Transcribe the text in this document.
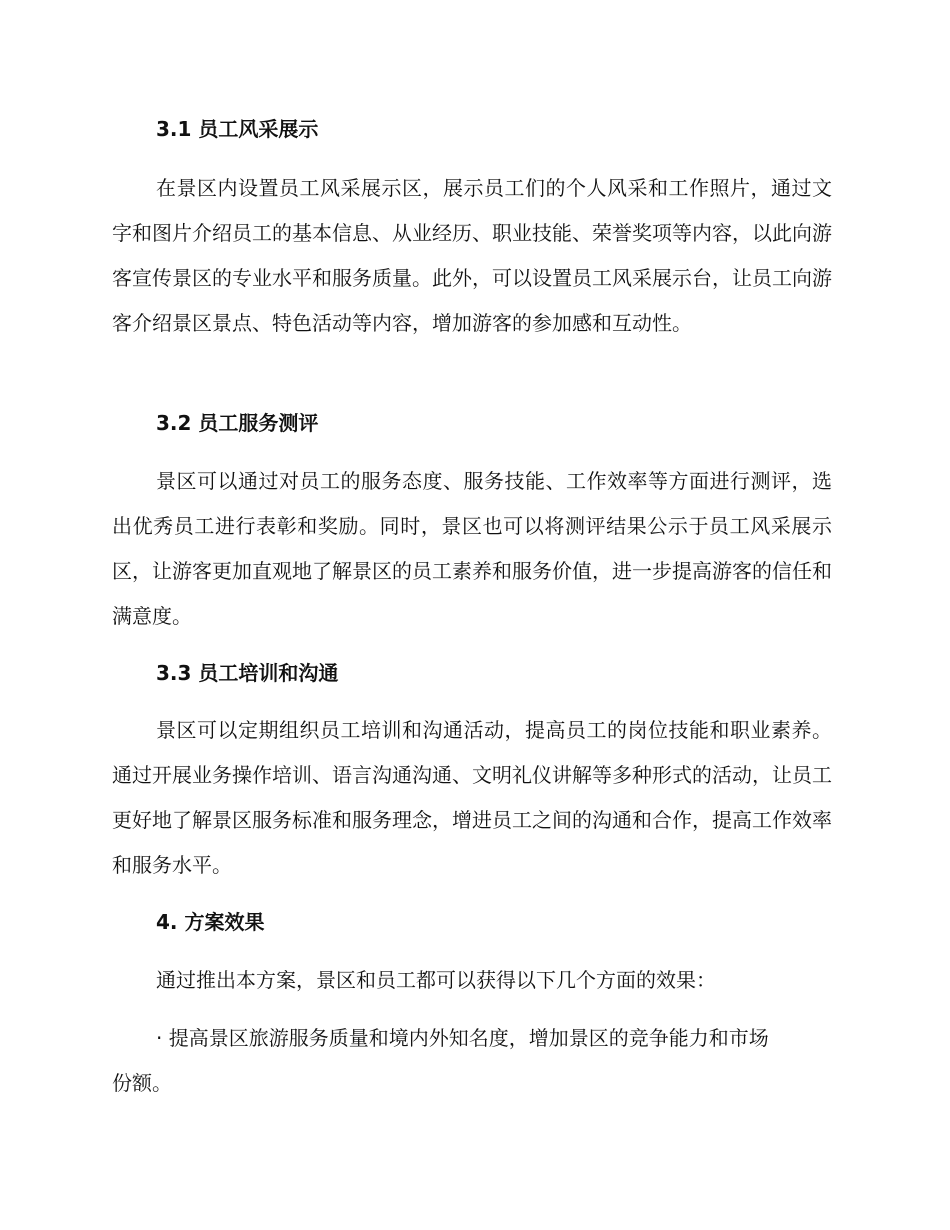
3.1 员工风采展示
在景区内设置员工风采展示区，展示员工们的个人风采和工作照片，通过文字和图片介绍员工的基本信息、从业经历、职业技能、荣誉奖项等内容，以此向游客宣传景区的专业水平和服务质量。此外，可以设置员工风采展示台，让员工向游客介绍景区景点、特色活动等内容，增加游客的参加感和互动性。
3.2 员工服务测评
景区可以通过对员工的服务态度、服务技能、工作效率等方面进行测评，选出优秀员工进行表彰和奖励。同时，景区也可以将测评结果公示于员工风采展示区，让游客更加直观地了解景区的员工素养和服务价值，进一步提高游客的信任和满意度。
3.3 员工培训和沟通
景区可以定期组织员工培训和沟通活动，提高员工的岗位技能和职业素养。通过开展业务操作培训、语言沟通沟通、文明礼仪讲解等多种形式的活动，让员工更好地了解景区服务标准和服务理念，增进员工之间的沟通和合作，提高工作效率和服务水平。
4. 方案效果
通过推出本方案，景区和员工都可以获得以下几个方面的效果：
· 提高景区旅游服务质量和境内外知名度，增加景区的竞争能力和市场
份额。
